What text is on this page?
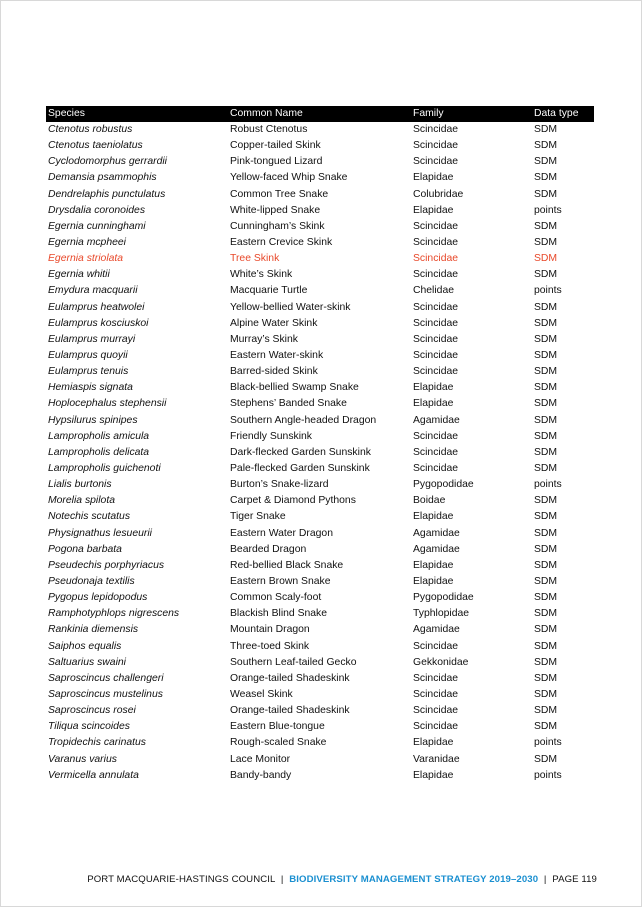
Species	Common Name	Family	Data type
Ctenotus robustus	Robust Ctenotus	Scincidae	SDM
Ctenotus taeniolatus	Copper-tailed Skink	Scincidae	SDM
Cyclodomorphus gerrardii	Pink-tongued Lizard	Scincidae	SDM
Demansia psammophis	Yellow-faced Whip Snake	Elapidae	SDM
Dendrelaphis punctulatus	Common Tree Snake	Colubridae	SDM
Drysdalia coronoides	White-lipped Snake	Elapidae	points
Egernia cunninghami	Cunningham’s Skink	Scincidae	SDM
Egernia mcpheei	Eastern Crevice Skink	Scincidae	SDM
Egernia striolata	Tree Skink	Scincidae	SDM
Egernia whitii	White’s Skink	Scincidae	SDM
Emydura macquarii	Macquarie Turtle	Chelidae	points
Eulamprus heatwolei	Yellow-bellied Water-skink	Scincidae	SDM
Eulamprus kosciuskoi	Alpine Water Skink	Scincidae	SDM
Eulamprus murrayi	Murray’s Skink	Scincidae	SDM
Eulamprus quoyii	Eastern Water-skink	Scincidae	SDM
Eulamprus tenuis	Barred-sided Skink	Scincidae	SDM
Hemiaspis signata	Black-bellied Swamp Snake	Elapidae	SDM
Hoplocephalus stephensii	Stephens’ Banded Snake	Elapidae	SDM
Hypsilurus spinipes	Southern Angle-headed Dragon	Agamidae	SDM
Lampropholis amicula	Friendly Sunskink	Scincidae	SDM
Lampropholis delicata	Dark-flecked Garden Sunskink	Scincidae	SDM
Lampropholis guichenoti	Pale-flecked Garden Sunskink	Scincidae	SDM
Lialis burtonis	Burton’s Snake-lizard	Pygopodidae	points
Morelia spilota	Carpet & Diamond Pythons	Boidae	SDM
Notechis scutatus	Tiger Snake	Elapidae	SDM
Physignathus lesueurii	Eastern Water Dragon	Agamidae	SDM
Pogona barbata	Bearded Dragon	Agamidae	SDM
Pseudechis porphyriacus	Red-bellied Black Snake	Elapidae	SDM
Pseudonaja textilis	Eastern Brown Snake	Elapidae	SDM
Pygopus lepidopodus	Common Scaly-foot	Pygopodidae	SDM
Ramphotyphlops nigrescens	Blackish Blind Snake	Typhlopidae	SDM
Rankinia diemensis	Mountain Dragon	Agamidae	SDM
Saiphos equalis	Three-toed Skink	Scincidae	SDM
Saltuarius swaini	Southern Leaf-tailed Gecko	Gekkonidae	SDM
Saproscincus challengeri	Orange-tailed Shadeskink	Scincidae	SDM
Saproscincus mustelinus	Weasel Skink	Scincidae	SDM
Saproscincus rosei	Orange-tailed Shadeskink	Scincidae	SDM
Tiliqua scincoides	Eastern Blue-tongue	Scincidae	SDM
Tropidechis carinatus	Rough-scaled Snake	Elapidae	points
Varanus varius	Lace Monitor	Varanidae	SDM
Vermicella annulata	Bandy-bandy	Elapidae	points
PORT MACQUARIE-HASTINGS COUNCIL | BIODIVERSITY MANAGEMENT STRATEGY 2019–2030 | PAGE 119
